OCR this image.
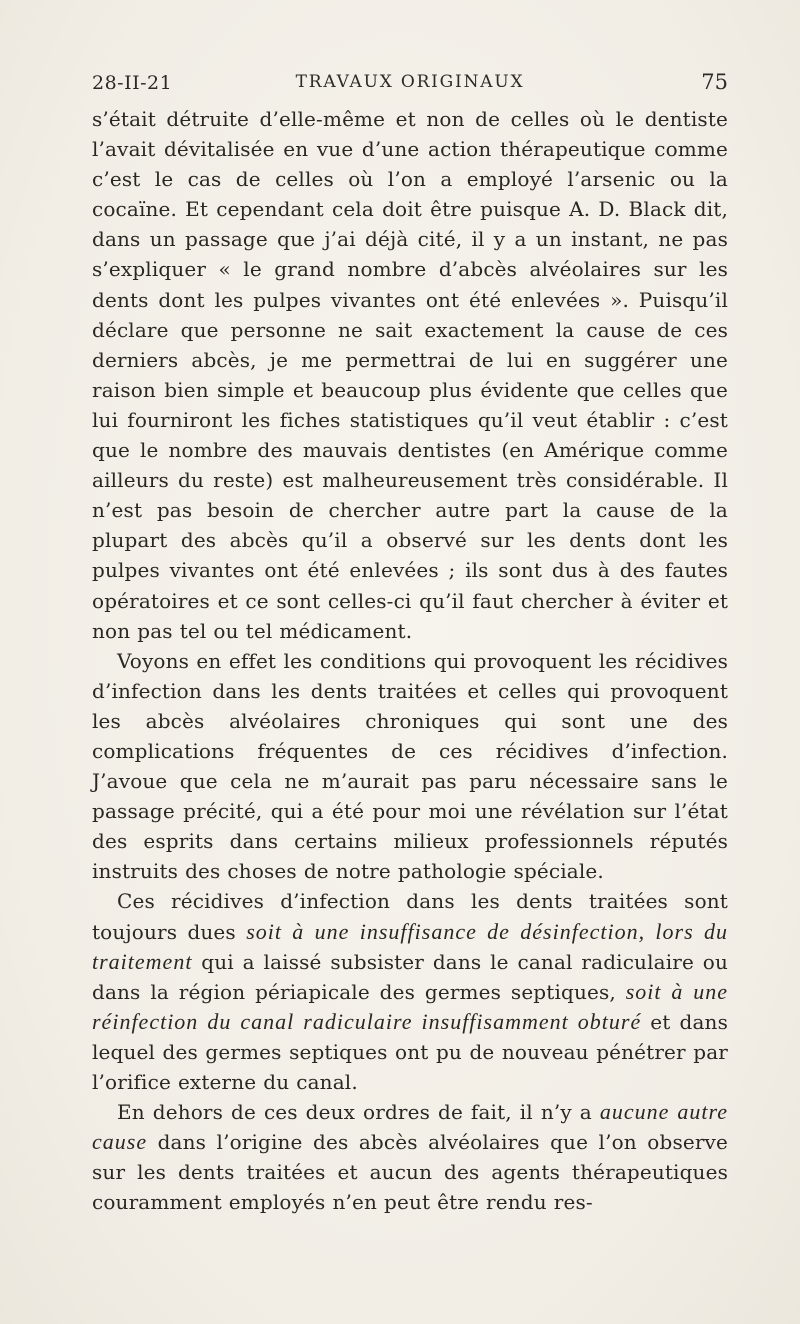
28-II-21	TRAVAUX ORIGINAUX	75

s’était détruite d’elle-même et non de celles où le dentiste l’avait dévitalisée en vue d’une action thérapeutique comme c’est le cas de celles où l’on a employé l’arsenic ou la cocaïne. Et cependant cela doit être puisque A. D. Black dit, dans un passage que j’ai déjà cité, il y a un instant, ne pas s’expliquer « le grand nombre d’abcès alvéolaires sur les dents dont les pulpes vivantes ont été enlevées ». Puisqu’il déclare que personne ne sait exactement la cause de ces derniers abcès, je me permettrai de lui en suggérer une raison bien simple et beaucoup plus évidente que celles que lui fourniront les fiches statistiques qu’il veut établir : c’est que le nombre des mauvais dentistes (en Amérique comme ailleurs du reste) est malheureusement très considérable. Il n’est pas besoin de chercher autre part la cause de la plupart des abcès qu’il a observé sur les dents dont les pulpes vivantes ont été enlevées ; ils sont dus à des fautes opératoires et ce sont celles-ci qu’il faut chercher à éviter et non pas tel ou tel médicament.

Voyons en effet les conditions qui provoquent les récidives d’infection dans les dents traitées et celles qui provoquent les abcès alvéolaires chroniques qui sont une des complications fréquentes de ces récidives d’infection. J’avoue que cela ne m’aurait pas paru nécessaire sans le passage précité, qui a été pour moi une révélation sur l’état des esprits dans certains milieux professionnels réputés instruits des choses de notre pathologie spéciale.

Ces récidives d’infection dans les dents traitées sont toujours dues soit à une insuffisance de désinfection, lors du traitement qui a laissé subsister dans le canal radiculaire ou dans la région périapicale des germes septiques, soit à une réinfection du canal radiculaire insuffisamment obturé et dans lequel des germes septiques ont pu de nouveau pénétrer par l’orifice externe du canal.

En dehors de ces deux ordres de fait, il n’y a aucune autre cause dans l’origine des abcès alvéolaires que l’on observe sur les dents traitées et aucun des agents thérapeutiques couramment employés n’en peut être rendu res-
